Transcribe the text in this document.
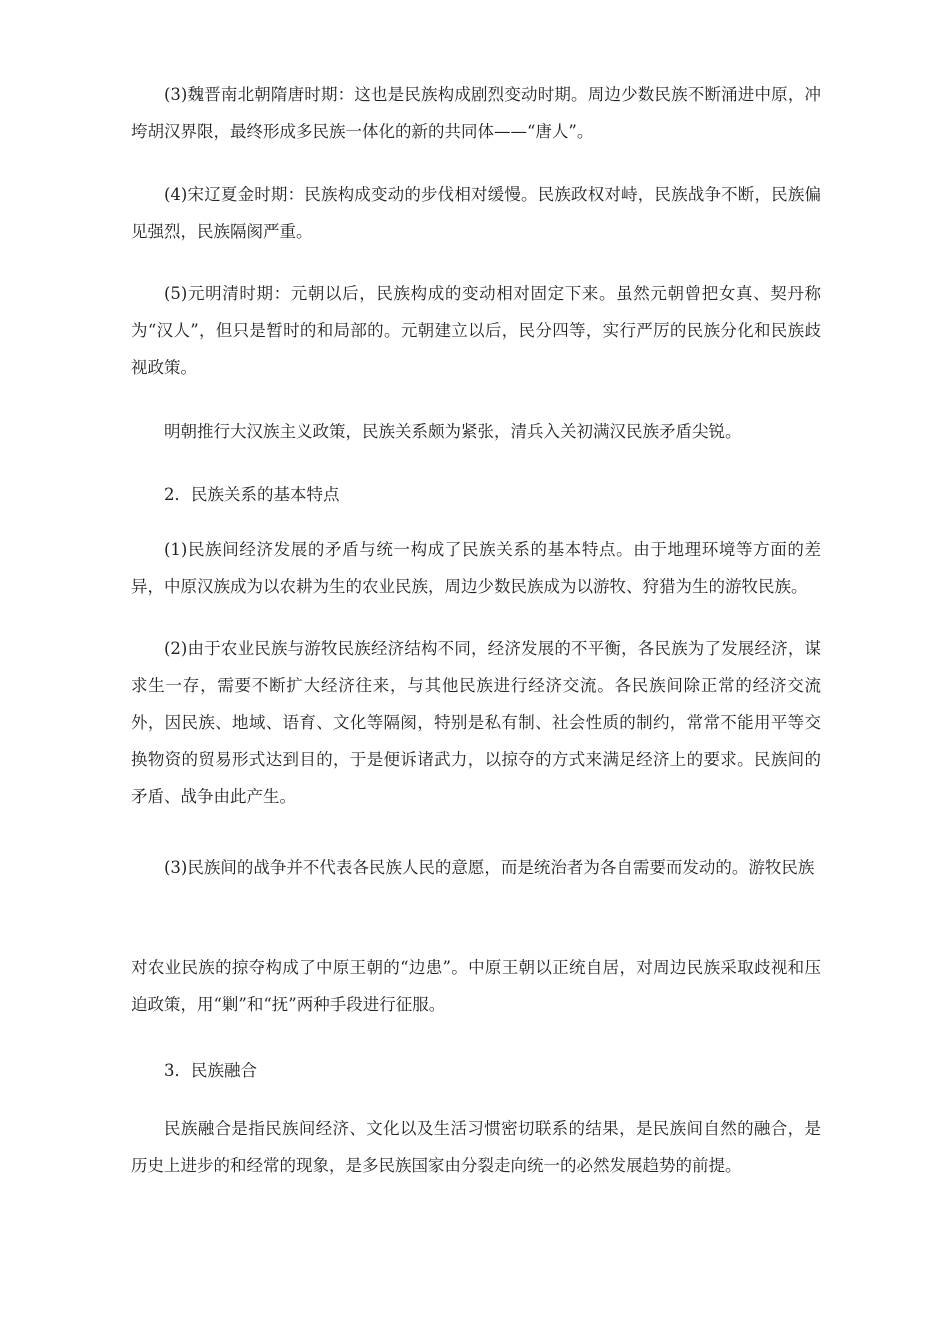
(3)魏晋南北朝隋唐时期：这也是民族构成剧烈变动时期。周边少数民族不断涌进中原，冲垮胡汉界限，最终形成多民族一体化的新的共同体——“唐人”。

(4)宋辽夏金时期：民族构成变动的步伐相对缓慢。民族政权对峙，民族战争不断，民族偏见强烈，民族隔阂严重。

(5)元明清时期：元朝以后，民族构成的变动相对固定下来。虽然元朝曾把女真、契丹称为“汉人”，但只是暂时的和局部的。元朝建立以后，民分四等，实行严厉的民族分化和民族歧视政策。

明朝推行大汉族主义政策，民族关系颇为紧张，清兵入关初满汉民族矛盾尖锐。

2．民族关系的基本特点

(1)民族间经济发展的矛盾与统一构成了民族关系的基本特点。由于地理环境等方面的差异，中原汉族成为以农耕为生的农业民族，周边少数民族成为以游牧、狩猎为生的游牧民族。

(2)由于农业民族与游牧民族经济结构不同，经济发展的不平衡，各民族为了发展经济，谋求生一存，需要不断扩大经济往来，与其他民族进行经济交流。各民族间除正常的经济交流外，因民族、地域、语育、文化等隔阂，特别是私有制、社会性质的制约，常常不能用平等交换物资的贸易形式达到目的，于是便诉诸武力，以掠夺的方式来满足经济上的要求。民族间的矛盾、战争由此产生。

(3)民族间的战争并不代表各民族人民的意愿，而是统治者为各自需要而发动的。游牧民族

对农业民族的掠夺构成了中原王朝的“边患”。中原王朝以正统自居，对周边民族采取歧视和压迫政策，用“剿”和“抚”两种手段进行征服。

3．民族融合

民族融合是指民族间经济、文化以及生活习惯密切联系的结果，是民族间自然的融合，是历史上进步的和经常的现象，是多民族国家由分裂走向统一的必然发展趋势的前提。
